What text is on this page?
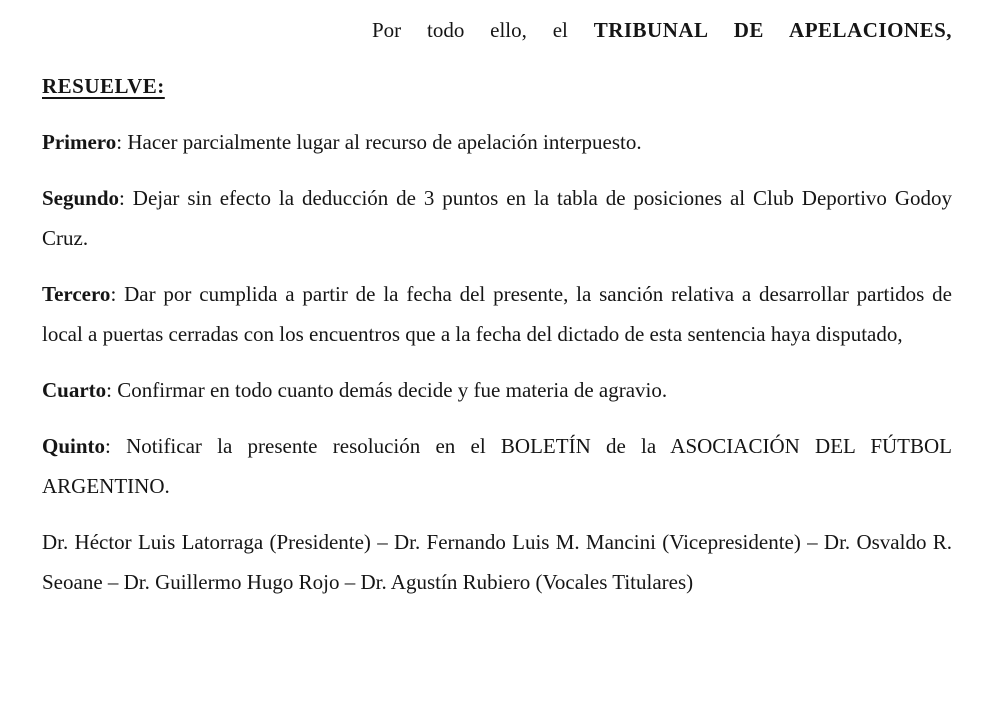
Por todo ello, el TRIBUNAL DE APELACIONES,

RESUELVE:

Primero: Hacer parcialmente lugar al recurso de apelación interpuesto.

Segundo: Dejar sin efecto la deducción de 3 puntos en la tabla de posiciones al Club Deportivo Godoy Cruz.

Tercero: Dar por cumplida a partir de la fecha del presente, la sanción relativa a desarrollar partidos de local a puertas cerradas con los encuentros que a la fecha del dictado de esta sentencia haya disputado,

Cuarto: Confirmar en todo cuanto demás decide y fue materia de agravio.

Quinto: Notificar la presente resolución en el BOLETÍN de la ASOCIACIÓN DEL FÚTBOL ARGENTINO.

Dr. Héctor Luis Latorraga (Presidente) – Dr. Fernando Luis M. Mancini (Vicepresidente) – Dr. Osvaldo R. Seoane – Dr. Guillermo Hugo Rojo – Dr. Agustín Rubiero (Vocales Titulares)
